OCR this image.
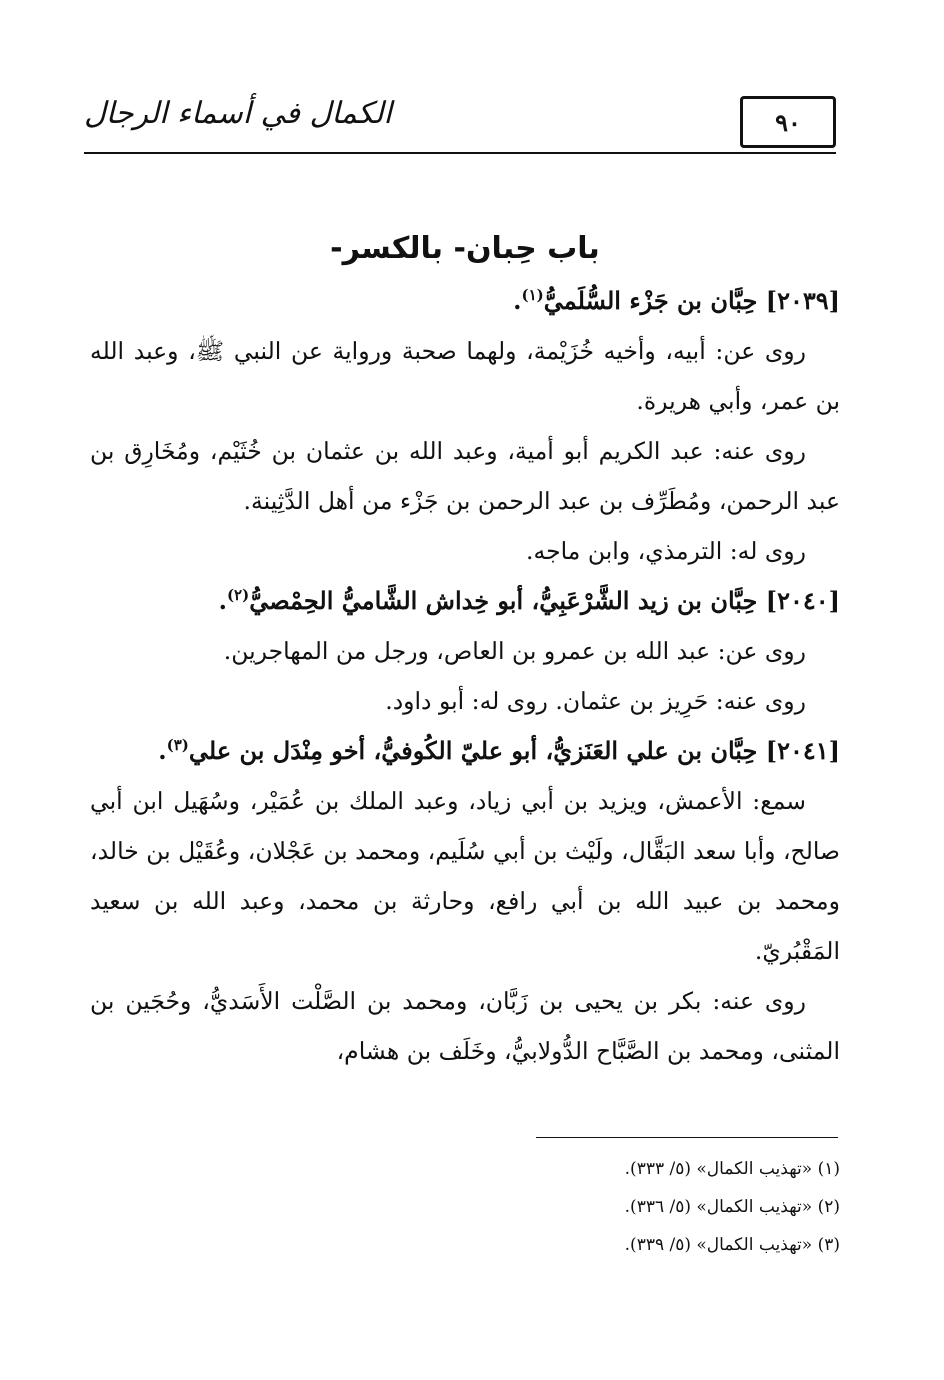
الكمال في أسماء الرجال	٩٠

باب حِبان- بالكسر-

[٢٠٣٩] حِبَّان بن جَزْء السُّلَميُّ$^{(١)}$.

روى عن: أبيه، وأخيه خُزَيْمة، ولهما صحبة ورواية عن النبي ﷺ، وعبد الله بن عمر، وأبي هريرة.

روى عنه: عبد الكريم أبو أمية، وعبد الله بن عثمان بن خُثَيْم، ومُخَارِق بن عبد الرحمن، ومُطَرِّف بن عبد الرحمن بن جَزْء من أهل الدَّثِينة.

روى له: الترمذي، وابن ماجه.

[٢٠٤٠] حِبَّان بن زيد الشَّرْعَبِيُّ، أبو خِداش الشَّاميُّ الحِمْصيُّ$^{(٢)}$.

روى عن: عبد الله بن عمرو بن العاص، ورجل من المهاجرين.

روى عنه: حَرِيز بن عثمان. روى له: أبو داود.

[٢٠٤١] حِبَّان بن علي العَنَزيُّ، أبو عليّ الكُوفيُّ، أخو مِنْدَل بن علي$^{(٣)}$.

سمع: الأعمش، ويزيد بن أبي زياد، وعبد الملك بن عُمَيْر، وسُهَيل ابن أبي صالح، وأبا سعد البَقَّال، ولَيْث بن أبي سُلَيم، ومحمد بن عَجْلان، وعُقَيْل بن خالد، ومحمد بن عبيد الله بن أبي رافع، وحارثة بن محمد، وعبد الله بن سعيد المَقْبُريّ.

روى عنه: بكر بن يحيى بن زَبَّان، ومحمد بن الصَّلْت الأَسَديُّ، وحُجَين بن المثنى، ومحمد بن الصَّبَّاح الدُّولابيُّ، وخَلَف بن هشام،

(١) «تهذيب الكمال» (٥/ ٣٣٣).

(٢) «تهذيب الكمال» (٥/ ٣٣٦).

(٣) «تهذيب الكمال» (٥/ ٣٣٩).
